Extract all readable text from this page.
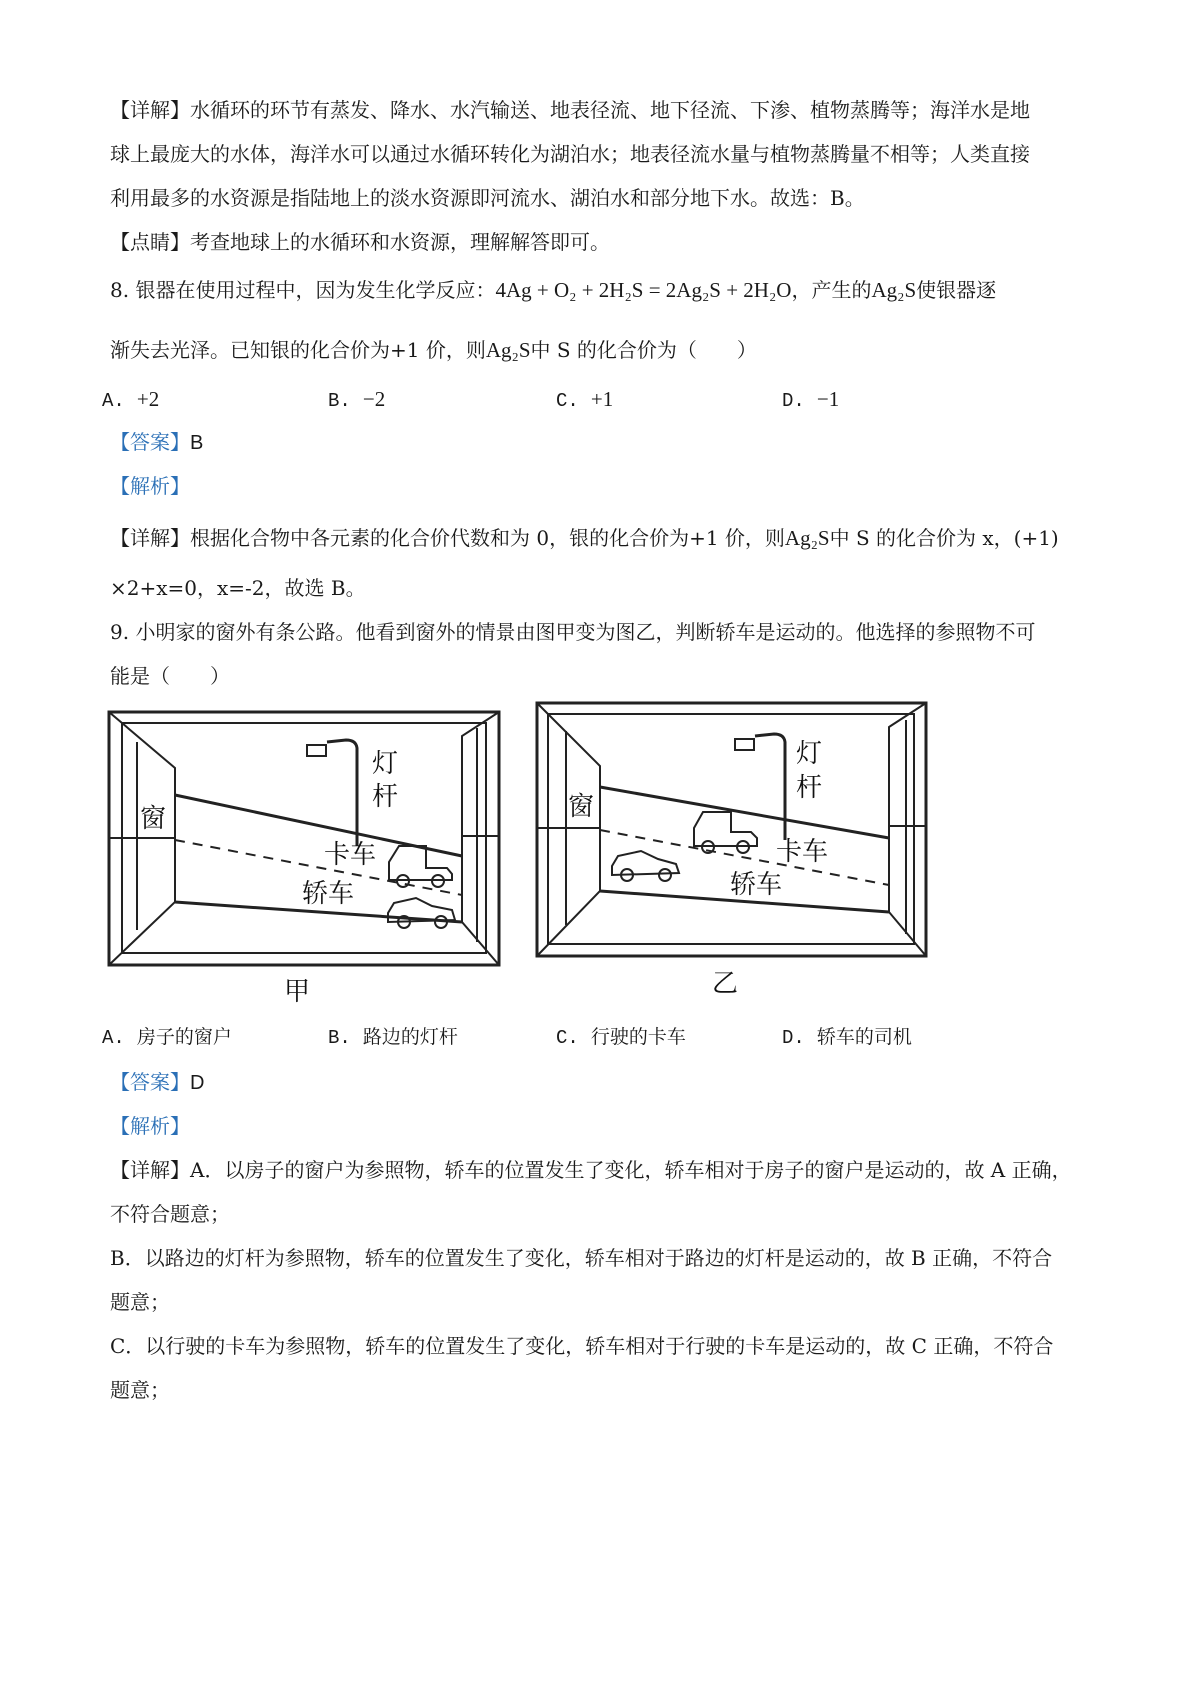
【详解】水循环的环节有蒸发、降水、水汽输送、地表径流、地下径流、下渗、植物蒸腾等；海洋水是地
球上最庞大的水体，海洋水可以通过水循环转化为湖泊水；地表径流水量与植物蒸腾量不相等；人类直接
利用最多的水资源是指陆地上的淡水资源即河流水、湖泊水和部分地下水。故选：B。
【点睛】考查地球上的水循环和水资源，理解解答即可。
8. 银器在使用过程中，因为发生化学反应：4Ag + O₂ + 2H₂S = 2Ag₂S + 2H₂O，产生的Ag₂S使银器逐
渐失去光泽。已知银的化合价为+1 价，则Ag₂S中 S 的化合价为（　　）
A. +2	B. −2	C. +1	D. −1
【答案】B
【解析】
【详解】根据化合物中各元素的化合价代数和为 0，银的化合价为+1 价，则Ag₂S中 S 的化合价为 x，(+1)
×2+x=0，x=-2，故选 B。
9. 小明家的窗外有条公路。他看到窗外的情景由图甲变为图乙，判断轿车是运动的。他选择的参照物不可
能是（　　）
窗
灯
杆
卡车
轿车
甲
窗
灯
杆
卡车
轿车
乙
A. 房子的窗户	B. 路边的灯杆	C. 行驶的卡车	D. 轿车的司机
【答案】D
【解析】
【详解】A．以房子的窗户为参照物，轿车的位置发生了变化，轿车相对于房子的窗户是运动的，故 A 正确，
不符合题意；
B．以路边的灯杆为参照物，轿车的位置发生了变化，轿车相对于路边的灯杆是运动的，故 B 正确，不符合
题意；
C．以行驶的卡车为参照物，轿车的位置发生了变化，轿车相对于行驶的卡车是运动的，故 C 正确，不符合
题意；
